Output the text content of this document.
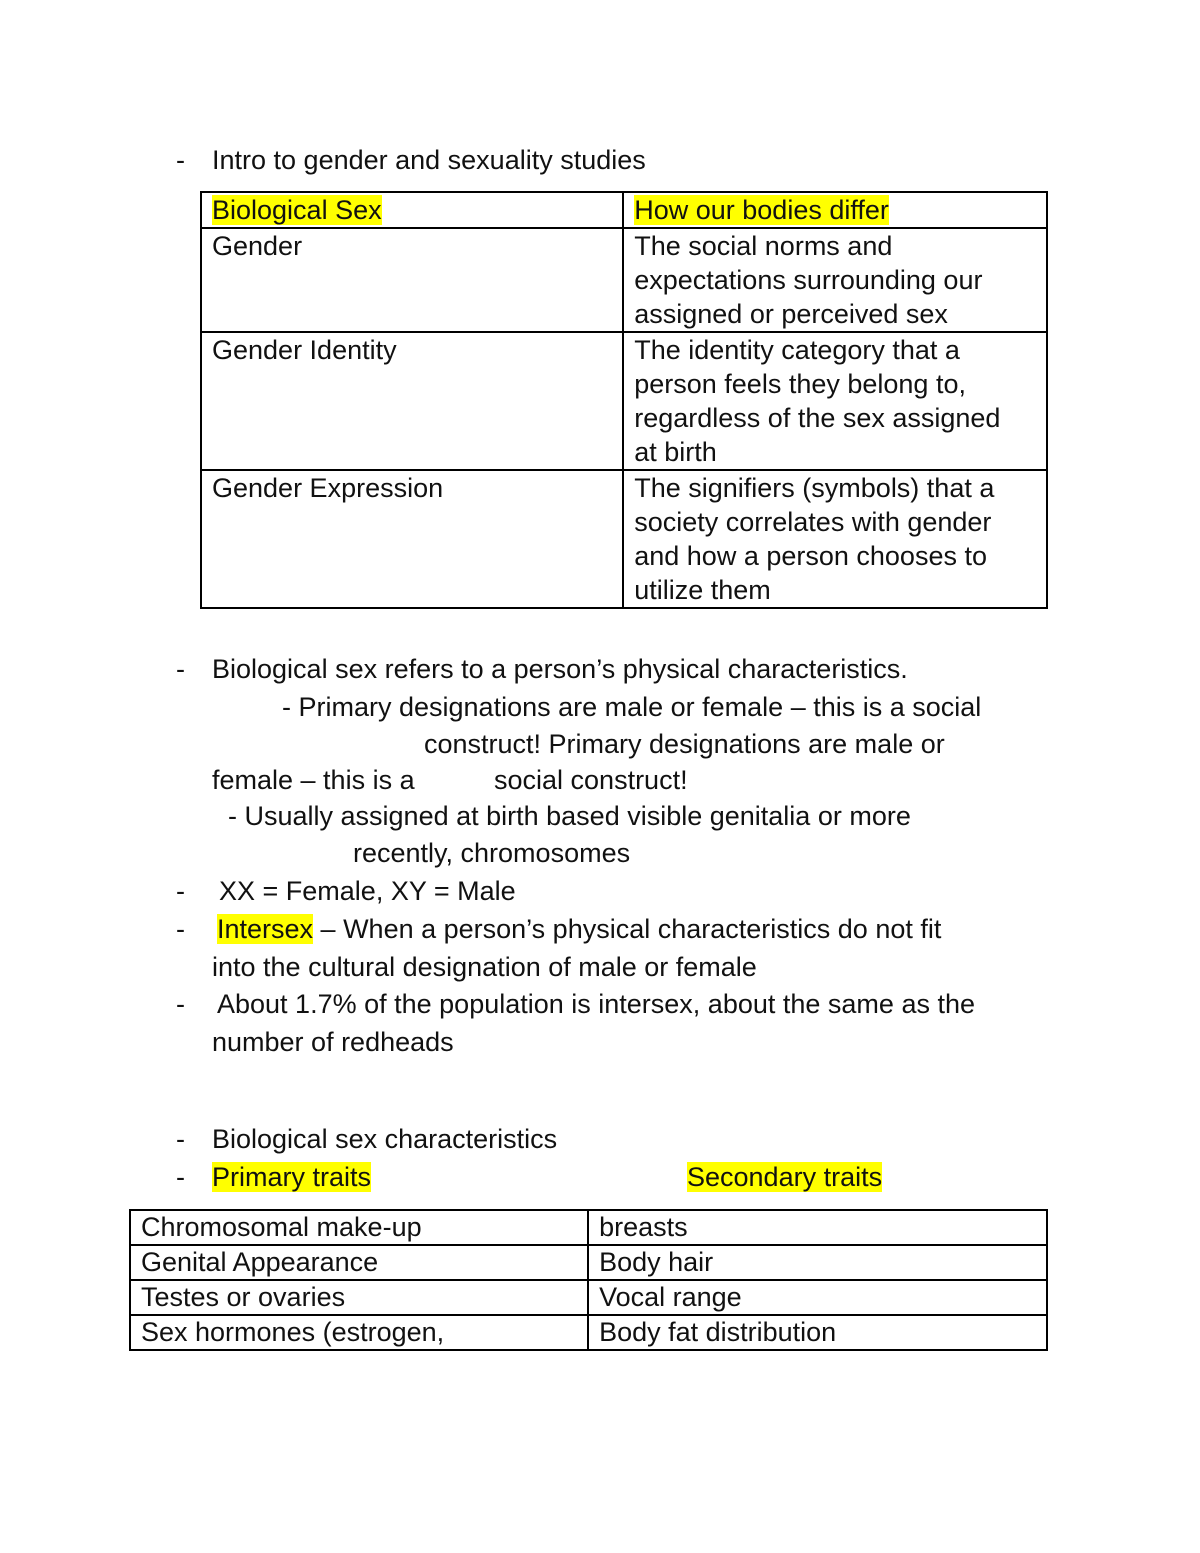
- Intro to gender and sexuality studies
Biological Sex	How our bodies differ
Gender	The social norms and
expectations surrounding our
assigned or perceived sex

Gender Identity	The identity category that a
person feels they belong to,
regardless of the sex assigned
at birth

Gender Expression	The signifiers (symbols) that a
society correlates with gender
and how a person chooses to
utilize them
- Biological sex refers to a person’s physical characteristics.
- Primary designations are male or female – this is a social
construct! Primary designations are male or
female – this is a	social construct!
- Usually assigned at birth based visible genitalia or more
recently, chromosomes
- XX = Female, XY = Male
- Intersex – When a person’s physical characteristics do not fit
into the cultural designation of male or female
- About 1.7% of the population is intersex, about the same as the
number of redheads
- Biological sex characteristics
- Primary traits	Secondary traits
Chromosomal make-up	breasts
Genital Appearance	Body hair
Testes or ovaries	Vocal range
Sex hormones (estrogen,	Body fat distribution
